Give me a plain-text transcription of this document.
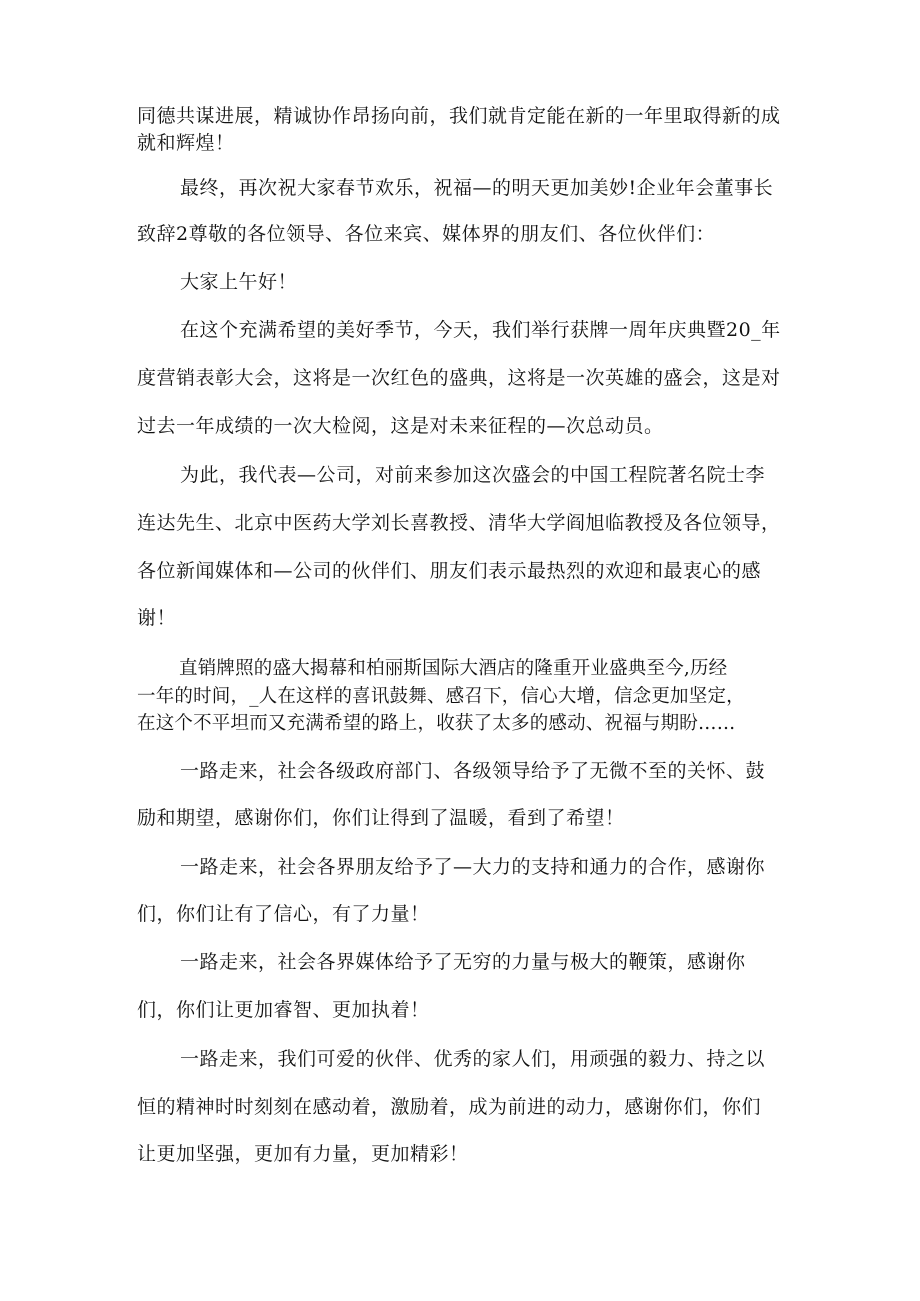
同德共谋进展，精诚协作昂扬向前，我们就肯定能在新的一年里取得新的成
就和辉煌！
最终，再次祝大家春节欢乐，祝福—的明天更加美妙!企业年会董事长
致辞2尊敬的各位领导、各位来宾、媒体界的朋友们、各位伙伴们：
大家上午好！
在这个充满希望的美好季节，今天，我们举行获牌一周年庆典暨20_年
度营销表彰大会，这将是一次红色的盛典，这将是一次英雄的盛会，这是对
过去一年成绩的一次大检阅，这是对未来征程的—次总动员。
为此，我代表—公司，对前来参加这次盛会的中国工程院著名院士李
连达先生、北京中医药大学刘长喜教授、清华大学阎旭临教授及各位领导，
各位新闻媒体和—公司的伙伴们、朋友们表示最热烈的欢迎和最衷心的感
谢！
直销牌照的盛大揭幕和柏丽斯国际大酒店的隆重开业盛典至今,历经
一年的时间，_人在这样的喜讯鼓舞、感召下，信心大增，信念更加坚定，
在这个不平坦而又充满希望的路上，收获了太多的感动、祝福与期盼……
一路走来，社会各级政府部门、各级领导给予了无微不至的关怀、鼓
励和期望，感谢你们，你们让得到了温暖，看到了希望！
一路走来，社会各界朋友给予了—大力的支持和通力的合作，感谢你
们，你们让有了信心，有了力量！
一路走来，社会各界媒体给予了无穷的力量与极大的鞭策，感谢你
们，你们让更加睿智、更加执着！
一路走来，我们可爱的伙伴、优秀的家人们，用顽强的毅力、持之以
恒的精神时时刻刻在感动着，激励着，成为前进的动力，感谢你们，你们
让更加坚强，更加有力量，更加精彩！
